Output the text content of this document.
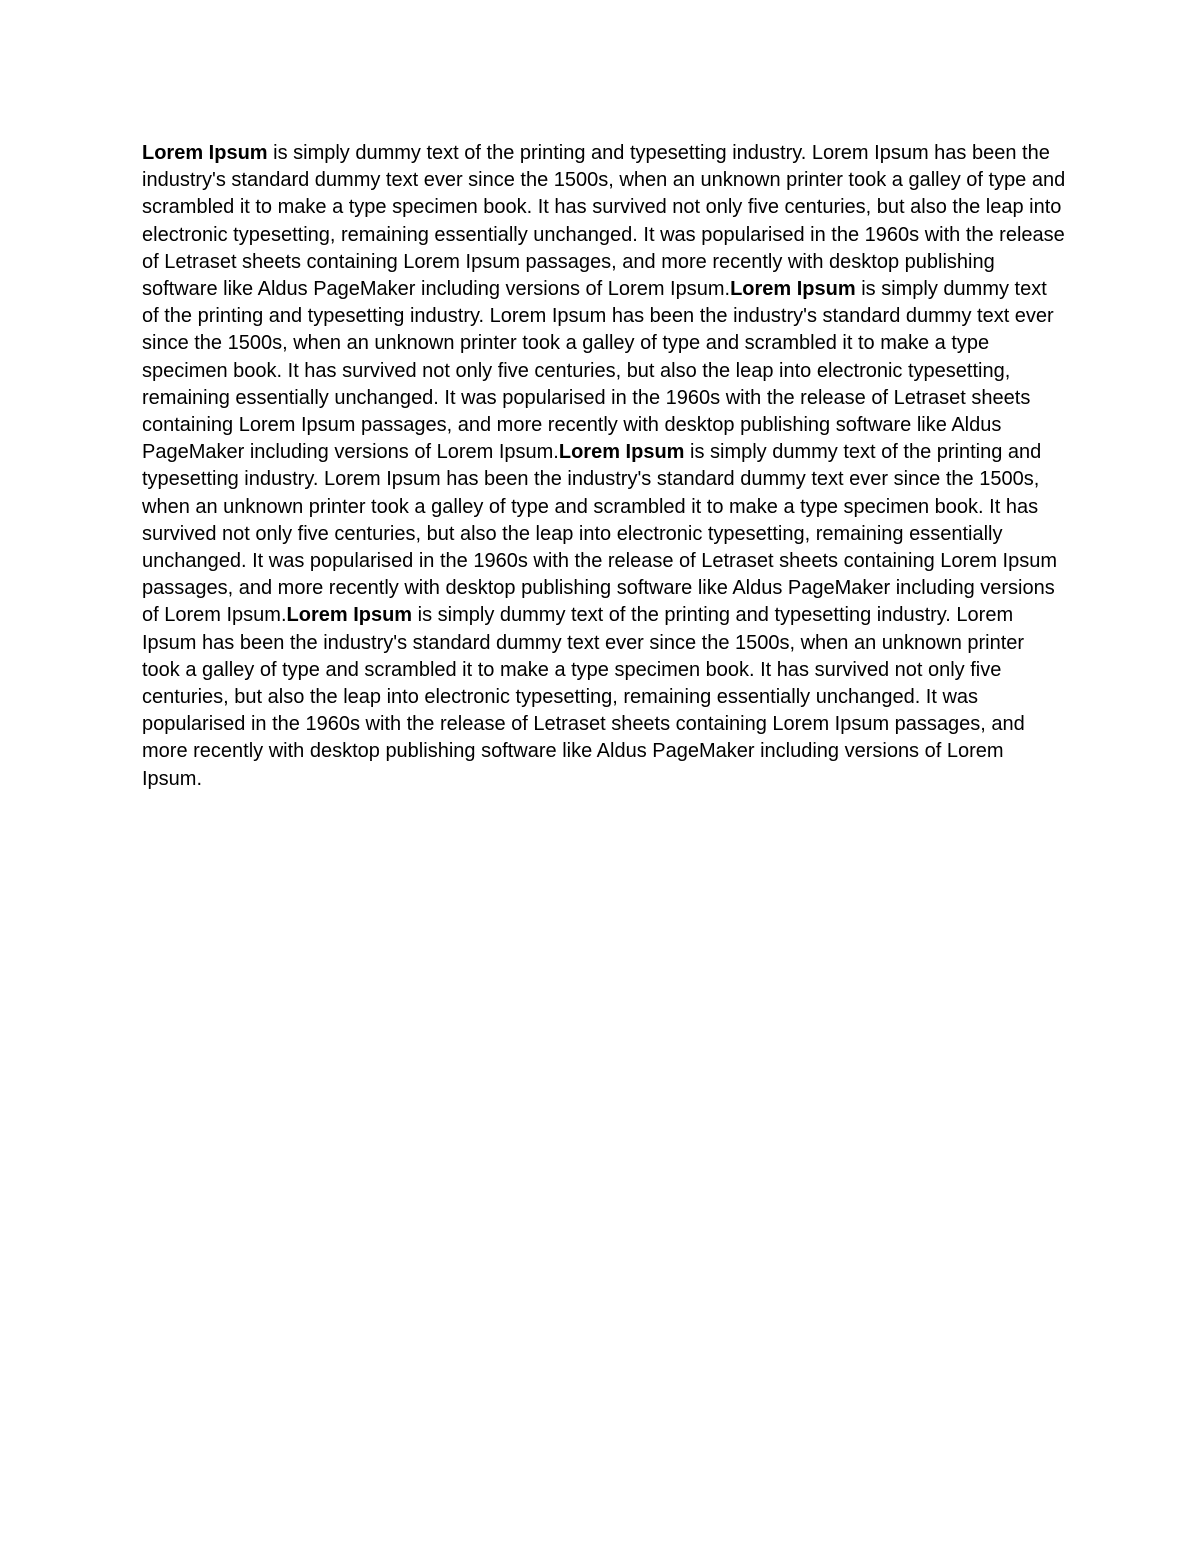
Lorem Ipsum is simply dummy text of the printing and typesetting industry. Lorem Ipsum has been the industry's standard dummy text ever since the 1500s, when an unknown printer took a galley of type and scrambled it to make a type specimen book. It has survived not only five centuries, but also the leap into electronic typesetting, remaining essentially unchanged. It was popularised in the 1960s with the release of Letraset sheets containing Lorem Ipsum passages, and more recently with desktop publishing software like Aldus PageMaker including versions of Lorem Ipsum.Lorem Ipsum is simply dummy text of the printing and typesetting industry. Lorem Ipsum has been the industry's standard dummy text ever since the 1500s, when an unknown printer took a galley of type and scrambled it to make a type specimen book. It has survived not only five centuries, but also the leap into electronic typesetting, remaining essentially unchanged. It was popularised in the 1960s with the release of Letraset sheets containing Lorem Ipsum passages, and more recently with desktop publishing software like Aldus PageMaker including versions of Lorem Ipsum.Lorem Ipsum is simply dummy text of the printing and typesetting industry. Lorem Ipsum has been the industry's standard dummy text ever since the 1500s, when an unknown printer took a galley of type and scrambled it to make a type specimen book. It has survived not only five centuries, but also the leap into electronic typesetting, remaining essentially unchanged. It was popularised in the 1960s with the release of Letraset sheets containing Lorem Ipsum passages, and more recently with desktop publishing software like Aldus PageMaker including versions of Lorem Ipsum.Lorem Ipsum is simply dummy text of the printing and typesetting industry. Lorem Ipsum has been the industry's standard dummy text ever since the 1500s, when an unknown printer took a galley of type and scrambled it to make a type specimen book. It has survived not only five centuries, but also the leap into electronic typesetting, remaining essentially unchanged. It was popularised in the 1960s with the release of Letraset sheets containing Lorem Ipsum passages, and more recently with desktop publishing software like Aldus PageMaker including versions of Lorem Ipsum.
